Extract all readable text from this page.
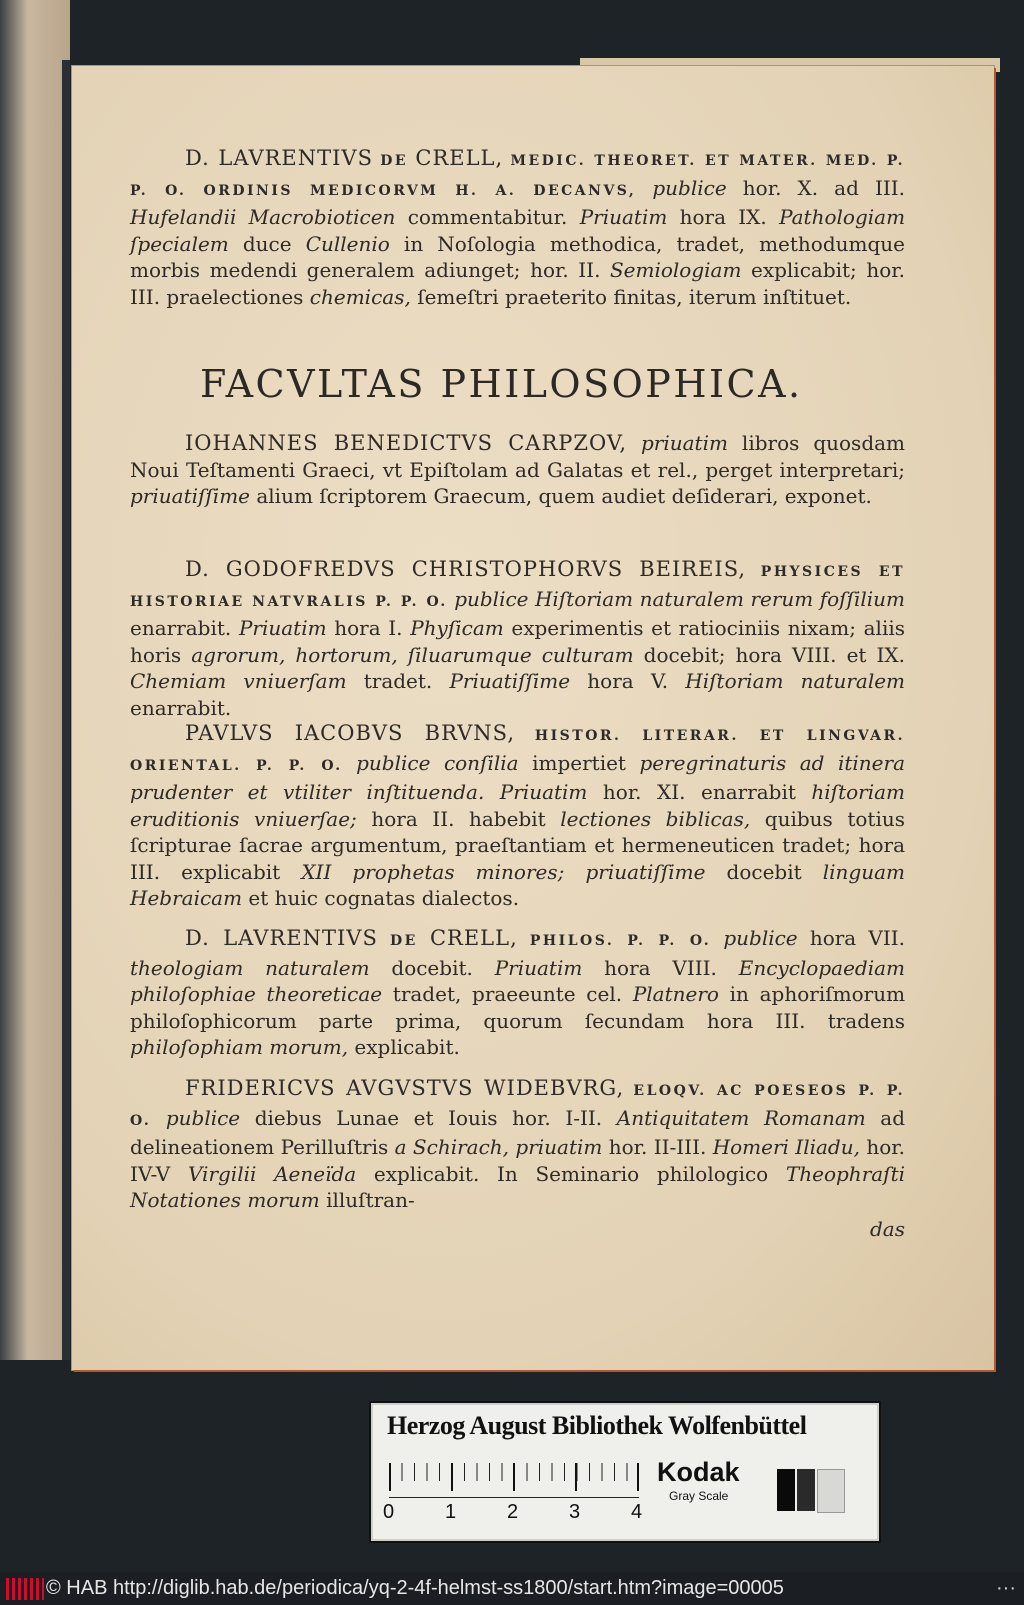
D. LAVRENTIVS DE CRELL, MEDIC. THEORET. ET MATER. MED. P. P. O. ORDINIS MEDICORVM H. A. DECANVS, publice hor. X. ad III. Hufelandii Macrobioticen commentabitur. Priuatim hora IX. Pathologiam ſpecialem duce Cullenio in Noſologia methodica, tradet, methodumque morbis medendi generalem adiunget; hor. II. Semiologiam explicabit; hor. III. praelectiones chemicas, ſemeſtri praeterito finitas, iterum inſtituet.

FACVLTAS PHILOSOPHICA.

IOHANNES BENEDICTVS CARPZOV, priuatim libros quosdam Noui Teſtamenti Graeci, vt Epiſtolam ad Galatas et rel., perget interpretari; priuatiſſime alium ſcriptorem Graecum, quem audiet deſiderari, exponet.

D. GODOFREDVS CHRISTOPHORVS BEIREIS, PHYSICES ET HISTORIAE NATVRALIS P. P. O. publice Hiſtoriam naturalem rerum foſſilium enarrabit. Priuatim hora I. Phyſicam experimentis et ratiociniis nixam; aliis horis agrorum, hortorum, ſiluarumque culturam docebit; hora VIII. et IX. Chemiam vniuerſam tradet. Priuatiſſime hora V. Hiſtoriam naturalem enarrabit.

PAVLVS IACOBVS BRVNS, HISTOR. LITERAR. ET LINGVAR. ORIENTAL. P. P. O. publice conſilia impertiet peregrinaturis ad itinera prudenter et vtiliter inſtituenda. Priuatim hor. XI. enarrabit hiſtoriam eruditionis vniuerſae; hora II. habebit lectiones biblicas, quibus totius ſcripturae ſacrae argumentum, praeſtantiam et hermeneuticen tradet; hora III. explicabit XII prophetas minores; priuatiſſime docebit linguam Hebraicam et huic cognatas dialectos.

D. LAVRENTIVS DE CRELL, PHILOS. P. P. O. publice hora VII. theologiam naturalem docebit. Priuatim hora VIII. Encyclopaediam philoſophiae theoreticae tradet, praeeunte cel. Platnero in aphoriſmorum philoſophicorum parte prima, quorum ſecundam hora III. tradens philoſophiam morum, explicabit.

FRIDERICVS AVGVSTVS WIDEBVRG, ELOQV. AC POESEOS P. P. O. publice diebus Lunae et Iouis hor. I-II. Antiquitatem Romanam ad delineationem Perilluſtris a Schirach, priuatim hor. II-III. Homeri Iliadu, hor. IV-V Virgilii Aeneïda explicabit. In Seminario philologico Theophraſti Notationes morum illuſtran-

das
Herzog August Bibliothek Wolfenbüttel
0	1	2	3	4
Kodak
Gray Scale
© HAB http://diglib.hab.de/periodica/yq-2-4f-helmst-ss1800/start.htm?image=00005	···
